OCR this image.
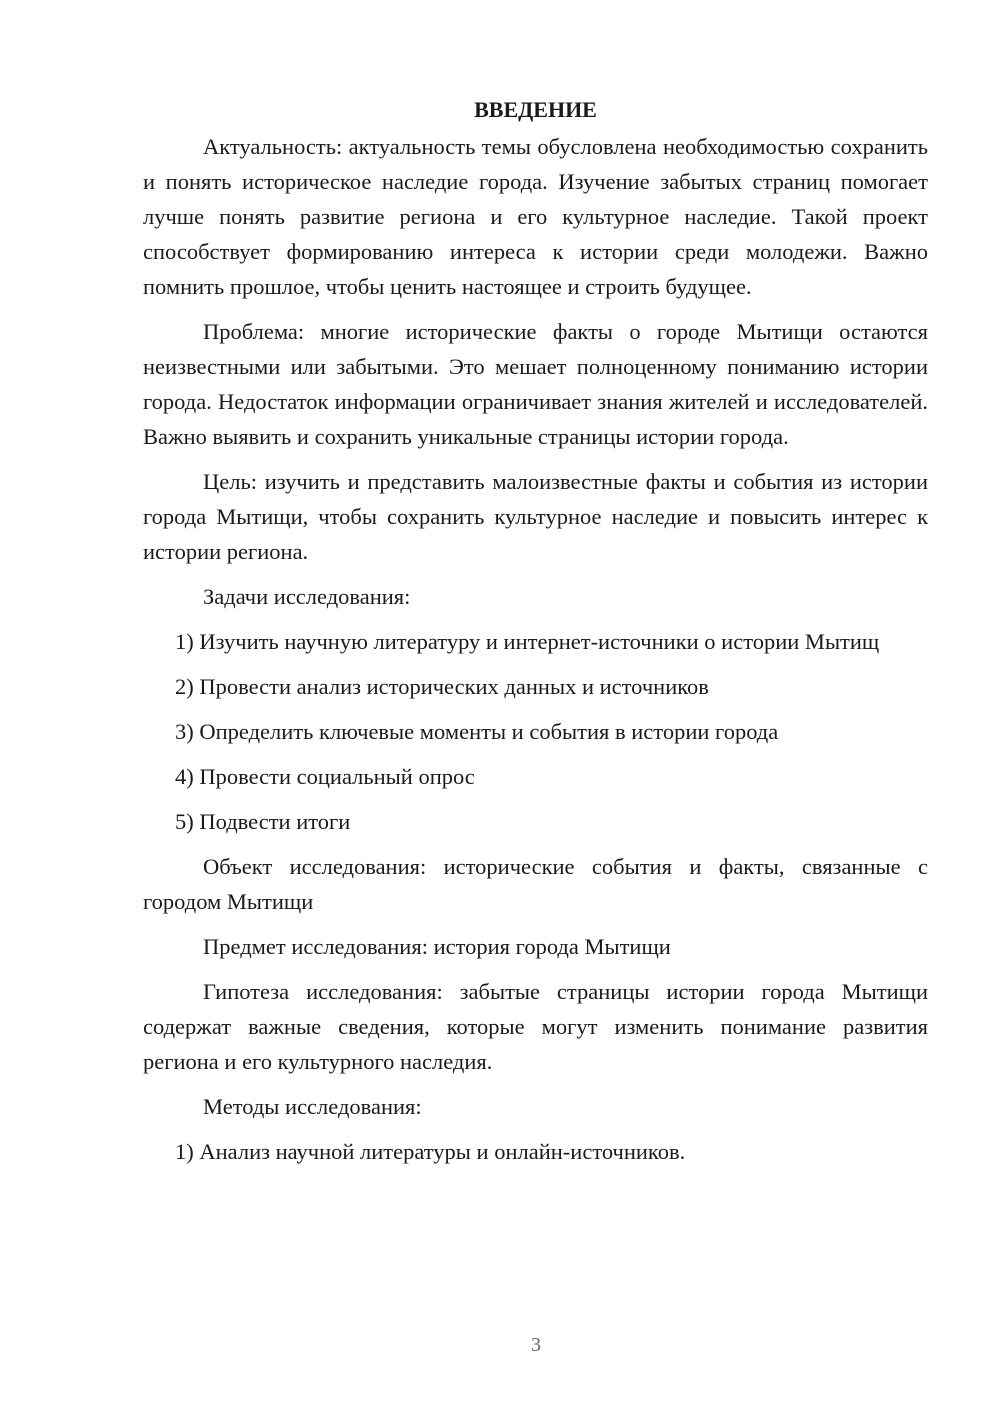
ВВЕДЕНИЕ
Актуальность: актуальность темы обусловлена необходимостью сохранить и понять историческое наследие города. Изучение забытых страниц помогает лучше понять развитие региона и его культурное наследие. Такой проект способствует формированию интереса к истории среди молодежи. Важно помнить прошлое, чтобы ценить настоящее и строить будущее.
Проблема: многие исторические факты о городе Мытищи остаются неизвестными или забытыми. Это мешает полноценному пониманию истории города. Недостаток информации ограничивает знания жителей и исследователей. Важно выявить и сохранить уникальные страницы истории города.
Цель: изучить и представить малоизвестные факты и события из истории города Мытищи, чтобы сохранить культурное наследие и повысить интерес к истории региона.
Задачи исследования:
1) Изучить научную литературу и интернет-источники о истории Мытищ
2) Провести анализ исторических данных и источников
3) Определить ключевые моменты и события в истории города
4) Провести социальный опрос
5) Подвести итоги
Объект исследования: исторические события и факты, связанные с городом Мытищи
Предмет исследования: история города Мытищи
Гипотеза исследования: забытые страницы истории города Мытищи содержат важные сведения, которые могут изменить понимание развития региона и его культурного наследия.
Методы исследования:
1) Анализ научной литературы и онлайн-источников.
3
